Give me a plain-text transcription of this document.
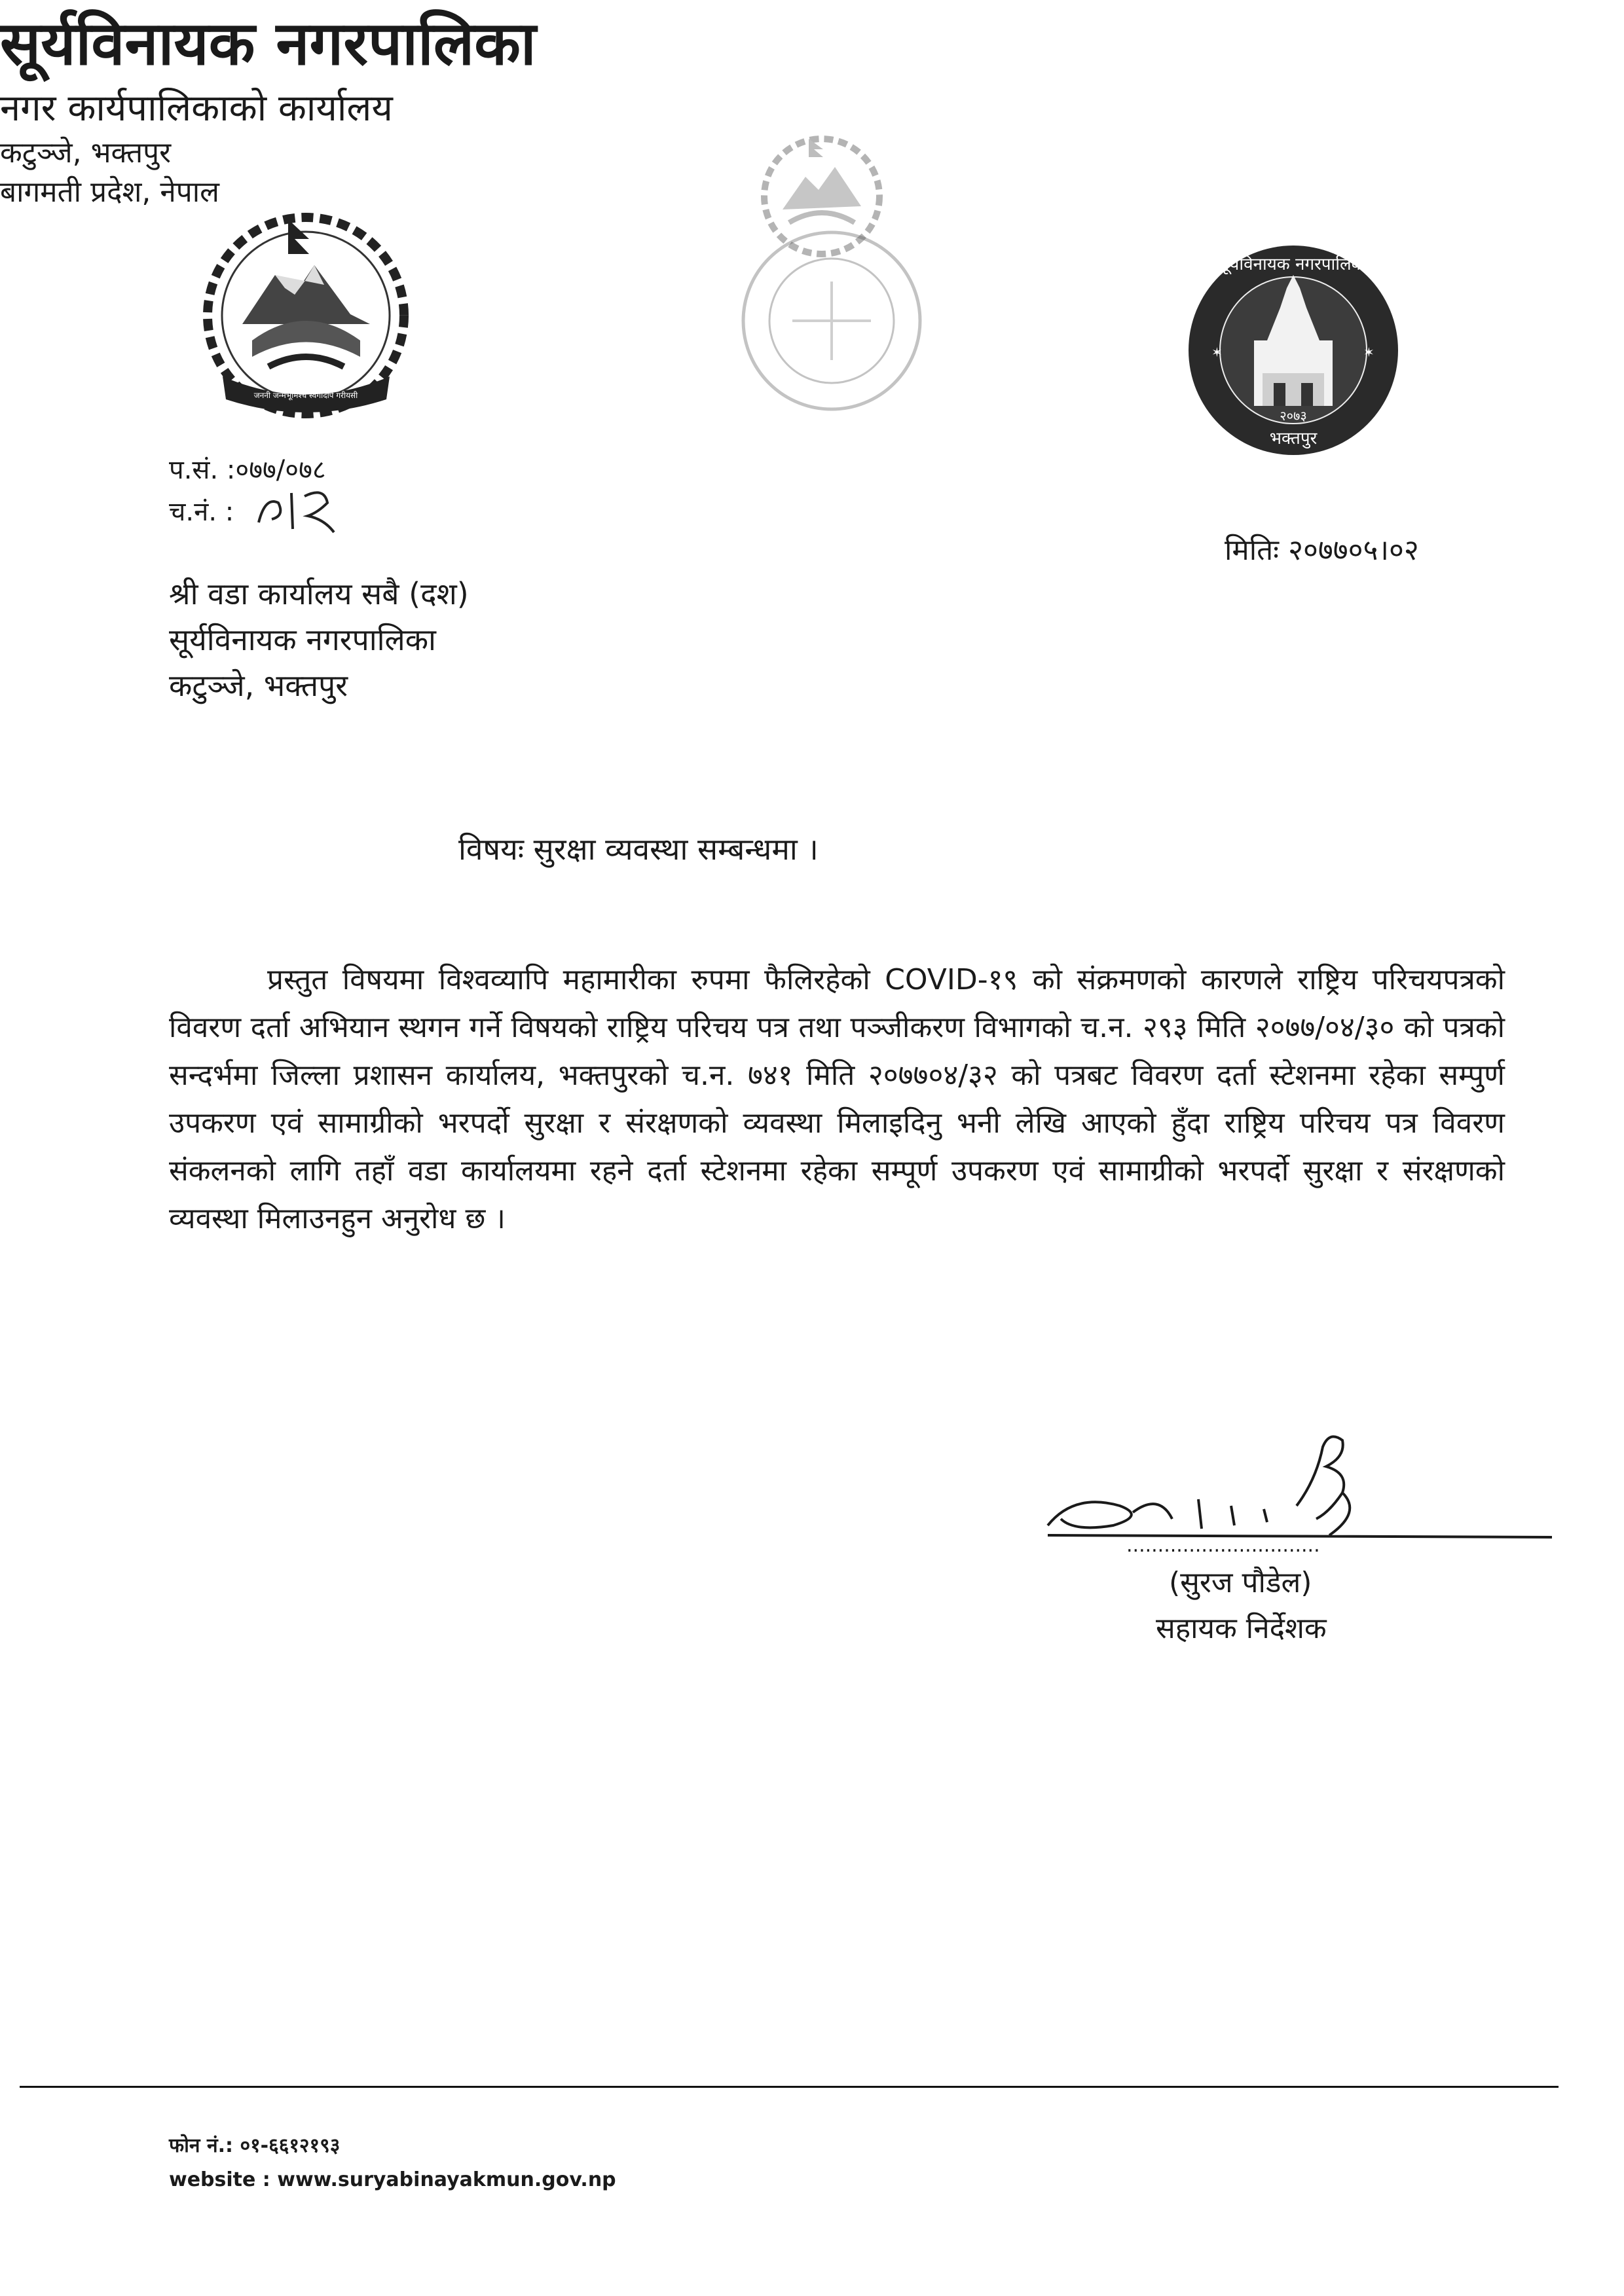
जननी जन्मभूमिश्च स्वर्गादपि गरीयसी
सूर्यविनायक नगरपालिका
नगर कार्यपालिकाको कार्यालय
कटुञ्जे, भक्तपुर
बागमती प्रदेश, नेपाल
✶	✶
सूर्यविनायक नगरपालिका
२०७३
भक्तपुर
प.सं. :०७७/०७८
च.नं. :
मितिः २०७७०५।०२
श्री वडा कार्यालय सबै (दश)
सूर्यविनायक नगरपालिका
कटुञ्जे, भक्तपुर
विषयः सुरक्षा व्यवस्था सम्बन्धमा ।

प्रस्तुत विषयमा विश्वव्यापि महामारीका रुपमा फैलिरहेको COVID-१९ को संक्रमणको कारणले राष्ट्रिय परिचयपत्रको विवरण दर्ता अभियान स्थगन गर्ने विषयको राष्ट्रिय परिचय पत्र तथा पञ्जीकरण विभागको च.न. २९३ मिति २०७७/०४/३० को पत्रको सन्दर्भमा जिल्ला प्रशासन कार्यालय, भक्तपुरको च.न. ७४१ मिति २०७७०४/३२ को पत्रबट विवरण दर्ता स्टेशनमा रहेका सम्पुर्ण उपकरण एवं सामाग्रीको भरपर्दो सुरक्षा र संरक्षणको व्यवस्था मिलाइदिनु भनी लेखि आएको हुँदा राष्ट्रिय परिचय पत्र विवरण संकलनको लागि तहाँ वडा कार्यालयमा रहने दर्ता स्टेशनमा रहेका सम्पूर्ण उपकरण एवं सामाग्रीको भरपर्दो सुरक्षा र संरक्षणको व्यवस्था मिलाउनहुन अनुरोध छ ।

...............................
(सुरज पौडेल)
सहायक निर्देशक
फोन नं.: ०१-६६१२१९३
website : www.suryabinayakmun.gov.np
